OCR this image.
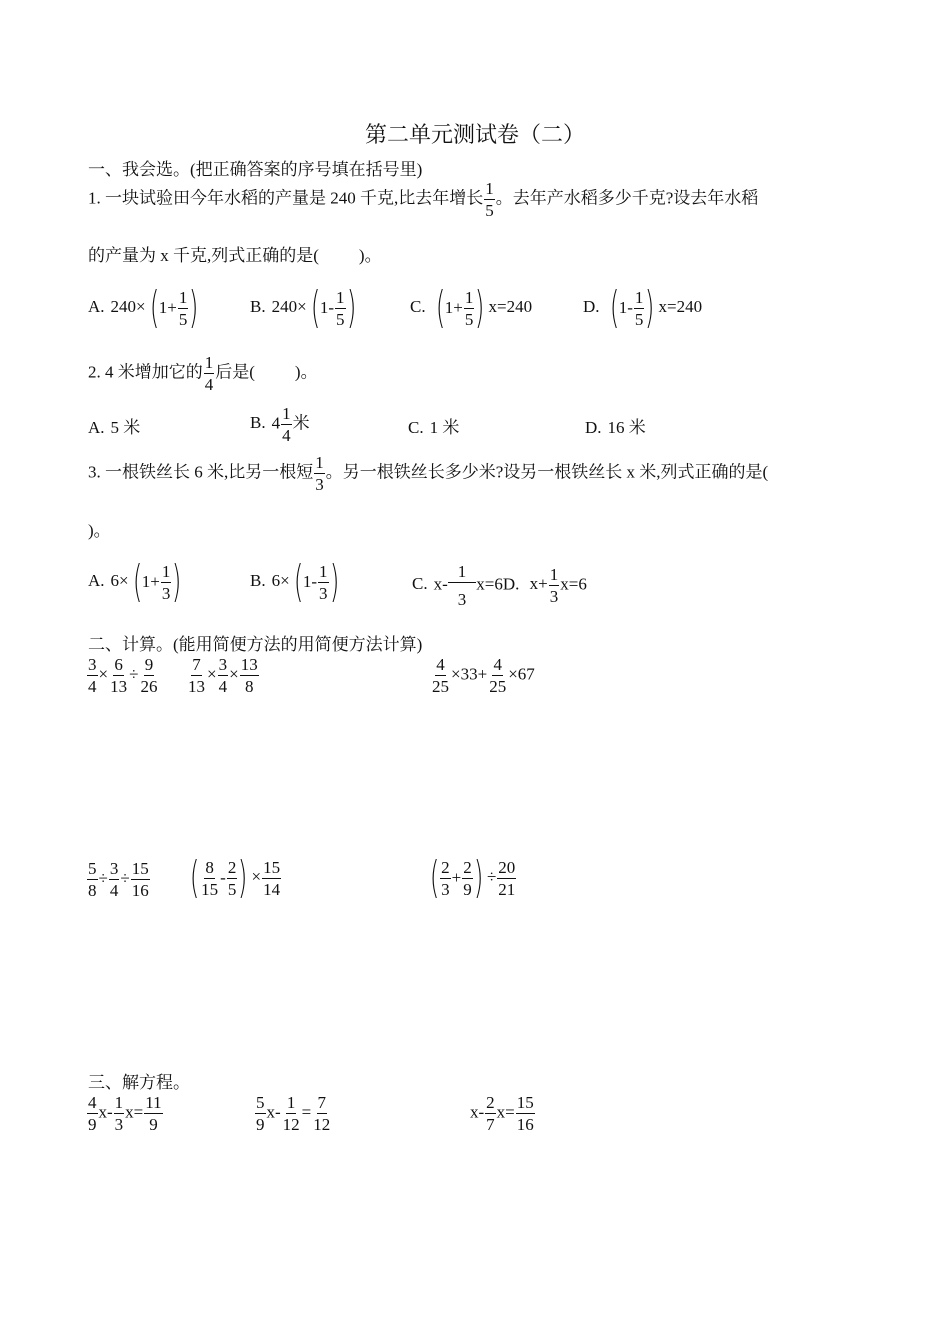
第二单元测试卷（二）
一、我会选。(把正确答案的序号填在括号里)
1. 一块试验田今年水稻的产量是 240 千克,比去年增长 $\frac{1}{5}$ 。去年产水稻多少千克?设去年水稻
的产量为 x 千克,列式正确的是( )。
A. 240× ( $1+ \frac{1}{5}$ )	B. 240× ( $1- \frac{1}{5}$ )	C. ( $1+ \frac{1}{5}$ ) x=240	D. ( $1- \frac{1}{5}$ ) x=240
2. 4 米增加它的 $\frac{1}{4}$ 后是( )。
A. 5 米	B. $4 \frac{1}{4}$ 米	C. 1 米	D. 16 米
3. 一根铁丝长 6 米,比另一根短 $\frac{1}{3}$ 。另一根铁丝长多少米?设另一根铁丝长 x 米,列式正确的是(
)。
A. 6× ( $1+ \frac{1}{3}$ )	B. 6× ( $1- \frac{1}{3}$ )	C. $x- \frac{1}{3} x=6D$. $x+ \frac{1}{3} x=6$
二、计算。(能用简便方法的用简便方法计算)
$\frac{3}{4} \times \frac{6}{13} \div \frac{9}{26} \frac{7}{13} \times \frac{3}{4} \times \frac{13}{8}$	$\frac{4}{25} \times 33+ \frac{4}{25} \times 67$
$\frac{5}{8} \div \frac{3}{4} \div \frac{15}{16}$ ( $\frac{8}{15} - \frac{2}{5}$ ) × $\frac{15}{14}$	( $\frac{2}{3} + \frac{2}{9}$ ) ÷ $\frac{20}{21}$
三、解方程。
$\frac{4}{9} x- \frac{1}{3} x= \frac{11}{9}$	$\frac{5}{9} x- \frac{1}{12} = \frac{7}{12}$	$x- \frac{2}{7} x= \frac{15}{16}$
